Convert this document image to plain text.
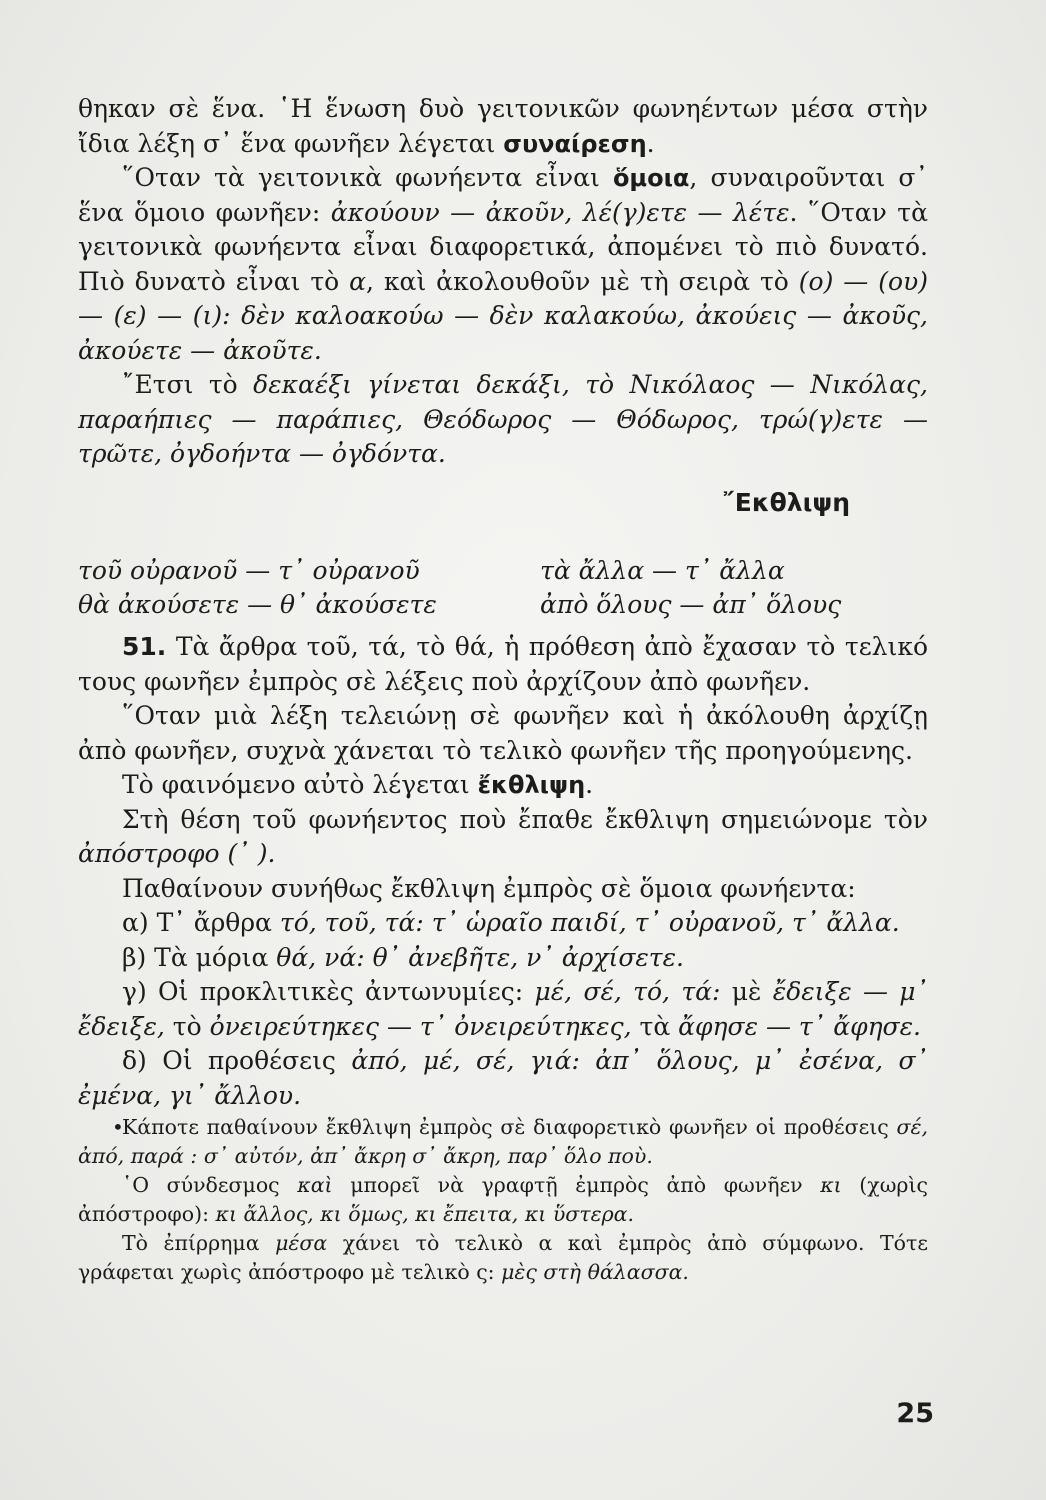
θηκαν σὲ ἕνα. ῾Η ἕνωση δυὸ γειτονικῶν φωνηέντων μέσα στὴν ἴδια λέξη σ᾿ ἕνα φωνῆεν λέγεται συναίρεση.

῞Οταν τὰ γειτονικὰ φωνήεντα εἶναι ὅμοια, συναιροῦνται σ᾿ ἕνα ὅμοιο φωνῆεν: ἀκούουν — ἀκοῦν, λέ(γ)ετε — λέτε. ῞Οταν τὰ γειτονικὰ φωνήεντα εἶναι διαφορετικά, ἀπομένει τὸ πιὸ δυνατό. Πιὸ δυνατὸ εἶναι τὸ α, καὶ ἀκολουθοῦν μὲ τὴ σειρὰ τὸ (ο) — (ου) — (ε) — (ι): δὲν καλοακούω — δὲν καλακούω, ἀκούεις — ἀκοῦς, ἀκούετε — ἀκοῦτε.

῎Ετσι τὸ δεκαέξι γίνεται δεκάξι, τὸ Νικόλαος — Νικόλας, παραήπιες — παράπιες, Θεόδωρος — Θόδωρος, τρώ(γ)ετε — τρῶτε, ὀγδοήντα — ὀγδόντα.

῎Εκθλιψη
τοῦ οὐρανοῦ — τ᾿ οὐρανοῦ	τὰ ἄλλα — τ᾿ ἄλλα
θὰ ἀκούσετε — θ᾿ ἀκούσετε	ἀπὸ ὅλους — ἀπ᾿ ὅλους

51. Τὰ ἄρθρα τοῦ, τά, τὸ θά, ἡ πρόθεση ἀπὸ ἔχασαν τὸ τελικό τους φωνῆεν ἐμπρὸς σὲ λέξεις ποὺ ἀρχίζουν ἀπὸ φωνῆεν.

῞Οταν μιὰ λέξη τελειώνῃ σὲ φωνῆεν καὶ ἡ ἀκόλουθη ἀρχίζῃ ἀπὸ φωνῆεν, συχνὰ χάνεται τὸ τελικὸ φωνῆεν τῆς προηγούμενης.

Τὸ φαινόμενο αὐτὸ λέγεται ἔκθλιψη.

Στὴ θέση τοῦ φωνήεντος ποὺ ἔπαθε ἔκθλιψη σημειώνομε τὸν ἀπόστροφο (᾿ ).

Παθαίνουν συνήθως ἔκθλιψη ἐμπρὸς σὲ ὅμοια φωνήεντα:

α) Τ᾿ ἄρθρα τό, τοῦ, τά: τ᾿ ὡραῖο παιδί, τ᾿ οὐρανοῦ, τ᾿ ἄλλα.

β) Τὰ μόρια θά, νά: θ᾿ ἀνεβῆτε, ν᾿ ἀρχίσετε.

γ) Οἱ προκλιτικὲς ἀντωνυμίες: μέ, σέ, τό, τά: μὲ ἔδειξε — μ᾿ ἔδειξε, τὸ ὀνειρεύτηκες — τ᾿ ὀνειρεύτηκες, τὰ ἄφησε — τ᾿ ἄφησε.

δ) Οἱ προθέσεις ἀπό, μέ, σέ, γιά: ἀπ᾿ ὅλους, μ᾿ ἐσένα, σ᾿ ἐμένα, γι᾿ ἄλλου.

•
Κάποτε παθαίνουν ἔκθλιψη ἐμπρὸς σὲ διαφορετικὸ φωνῆεν οἱ προθέσεις σέ, ἀπό, παρά : σ᾿ αὐτόν, ἀπ᾿ ἄκρη σ᾿ ἄκρη, παρ᾿ ὅλο ποὺ.

῾Ο σύνδεσμος καὶ μπορεῖ νὰ γραφτῇ ἐμπρὸς ἀπὸ φωνῆεν κι (χωρὶς ἀπόστροφο): κι ἄλλος, κι ὅμως, κι ἔπειτα, κι ὕστερα.

Τὸ ἐπίρρημα μέσα χάνει τὸ τελικὸ α καὶ ἐμπρὸς ἀπὸ σύμφωνο. Τότε γράφεται χωρὶς ἀπόστροφο μὲ τελικὸ ς: μὲς στὴ θάλασσα.

25
